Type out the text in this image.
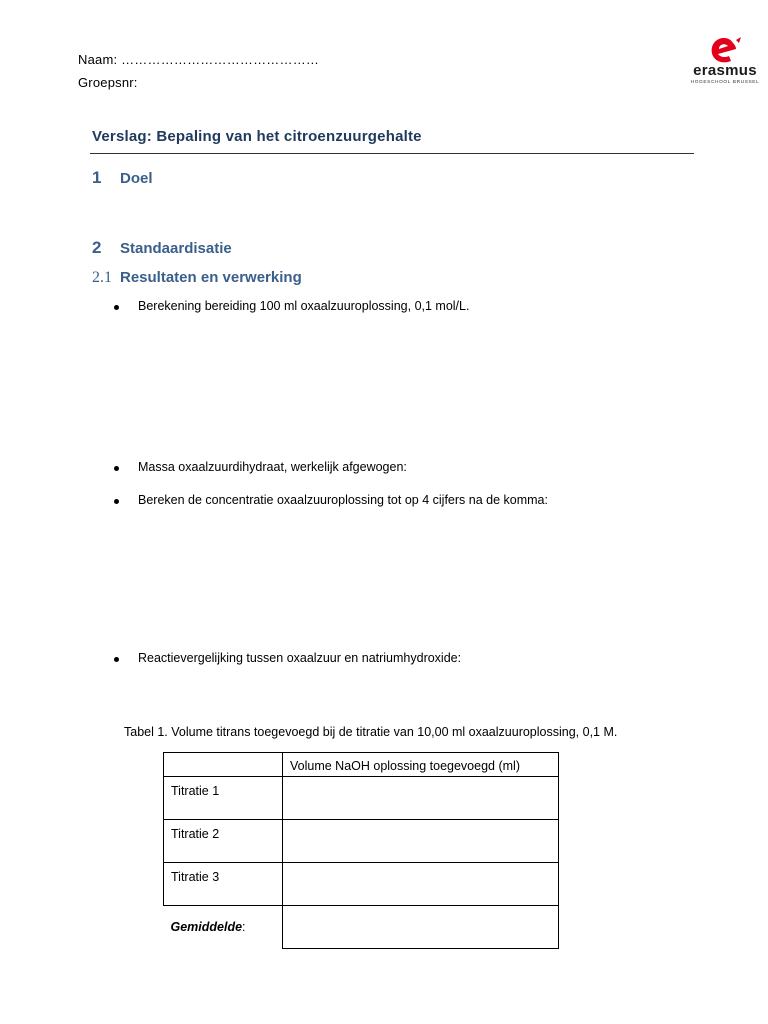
Naam: ………………………………………
Groepsnr:
erasmus
HOGESCHOOL BRUSSEL
Verslag: Bepaling van het citroenzuurgehalte
1 Doel
2 Standaardisatie
2.1 Resultaten en verwerking
Berekening bereiding 100 ml oxaalzuuroplossing, 0,1 mol/L.
Massa oxaalzuurdihydraat, werkelijk afgewogen:
Bereken de concentratie oxaalzuuroplossing tot op 4 cijfers na de komma:
Reactievergelijking tussen oxaalzuur en natriumhydroxide:
Tabel 1. Volume titrans toegevoegd bij de titratie van 10,00 ml oxaalzuuroplossing, 0,1 M.
	Volume NaOH oplossing toegevoegd (ml)
Titratie 1	
Titratie 2	
Titratie 3	
Gemiddelde:	
